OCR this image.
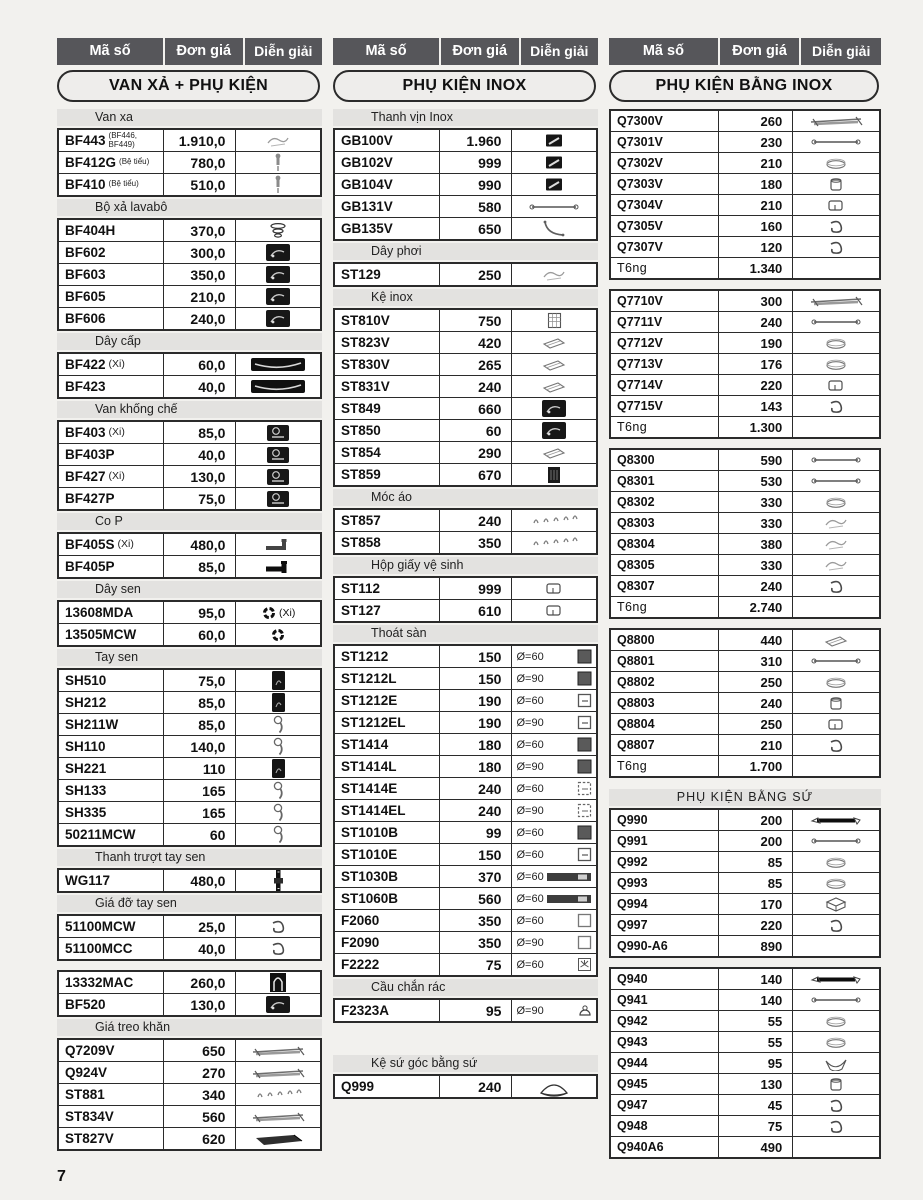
Mã số	Đơn giá	Diễn giải
VAN XẢ + PHỤ KIỆN
Van xa
BF443 (BF446, BF449)	1.910,0
BF412G (Bệ tiểu)	780,0
BF410 (Bệ tiểu)	510,0
Bộ xả lavabô
BF404H	370,0
BF602	300,0
BF603	350,0
BF605	210,0
BF606	240,0
Dây cấp
BF422 (Xi)	60,0
BF423	40,0
Van khống chế
BF403 (Xi)	85,0
BF403P	40,0
BF427 (Xi)	130,0
BF427P	75,0
Co P
BF405S (Xi)	480,0
BF405P	85,0
Dây sen
13608MDA	95,0	(Xi)
13505MCW	60,0
Tay sen
SH510	75,0
SH212	85,0
SH211W	85,0
SH110	140,0
SH221	110
SH133	165
SH335	165
50211MCW	60
Thanh trượt tay sen
WG117	480,0
Giá đỡ tay sen
51100MCW	25,0
51100MCC	40,0
13332MAC	260,0
BF520	130,0
Giá treo khăn
Q7209V	650
Q924V	270
ST881	340
ST834V	560
ST827V	620
Mã số	Đơn giá	Diễn giải
PHỤ KIỆN INOX
Thanh vịn Inox
GB100V	1.960
GB102V	999
GB104V	990
GB131V	580
GB135V	650
Dây phơi
ST129	250
Kệ inox
ST810V	750
ST823V	420
ST830V	265
ST831V	240
ST849	660
ST850	60
ST854	290
ST859	670
Móc áo
ST857	240
ST858	350
Hộp giấy vệ sinh
ST112	999
ST127	610
Thoát sàn
ST1212	150	Ø=60
ST1212L	150	Ø=90
ST1212E	190	Ø=60
ST1212EL	190	Ø=90
ST1414	180	Ø=60
ST1414L	180	Ø=90
ST1414E	240	Ø=60
ST1414EL	240	Ø=90
ST1010B	99	Ø=60
ST1010E	150	Ø=60
ST1030B	370	Ø=60
ST1060B	560	Ø=60
F2060	350	Ø=60
F2090	350	Ø=90
F2222	75	Ø=60
Cầu chắn rác
F2323A	95	Ø=90
Kệ sứ góc bằng sứ
Q999	240
Mã số	Đơn giá	Diễn giải
PHỤ KIỆN BẰNG INOX
Q7300V	260
Q7301V	230
Q7302V	210
Q7303V	180
Q7304V	210
Q7305V	160
Q7307V	120
T6ng	1.340
Q7710V	300
Q7711V	240
Q7712V	190
Q7713V	176
Q7714V	220
Q7715V	143
T6ng	1.300
Q8300	590
Q8301	530
Q8302	330
Q8303	330
Q8304	380
Q8305	330
Q8307	240
T6ng	2.740
Q8800	440
Q8801	310
Q8802	250
Q8803	240
Q8804	250
Q8807	210
T6ng	1.700
PHỤ KIỆN BẰNG SỨ
Q990	200
Q991	200
Q992	85
Q993	85
Q994	170
Q997	220
Q990-A6	890
Q940	140
Q941	140
Q942	55
Q943	55
Q944	95
Q945	130
Q947	45
Q948	75
Q940A6	490
7
